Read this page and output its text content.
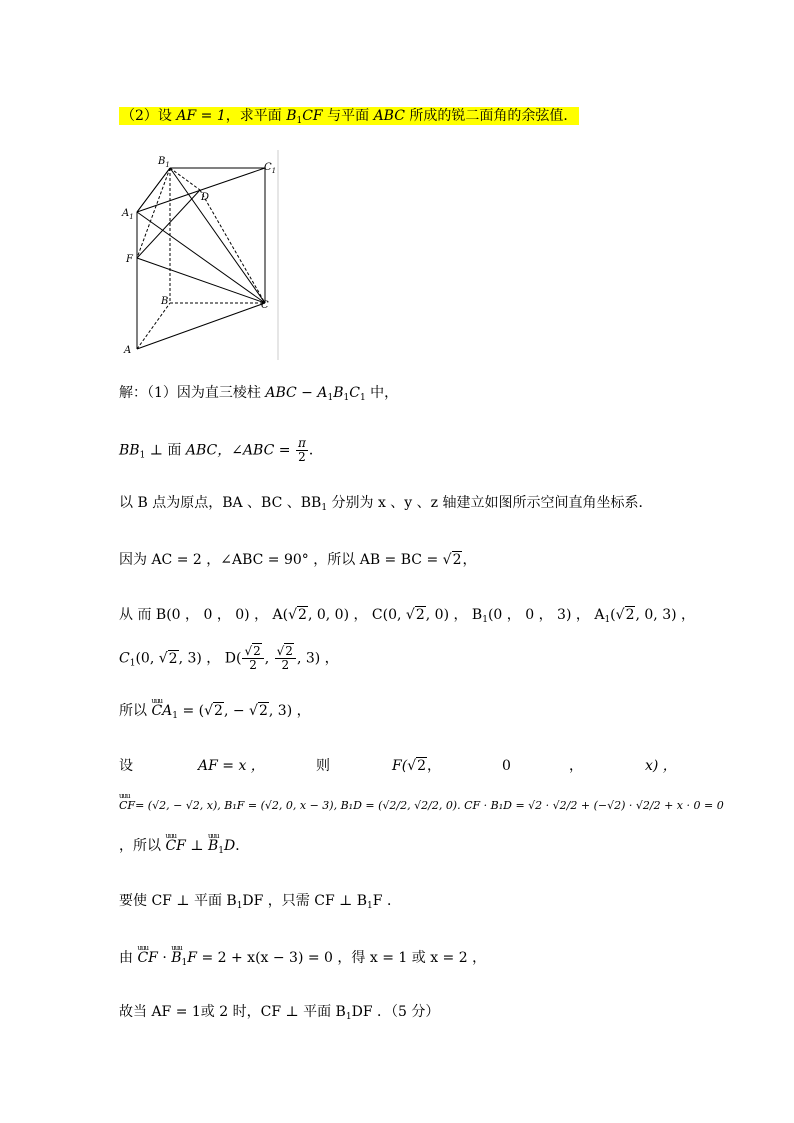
（2）设 AF = 1，求平面 $B_1CF$ 与平面 ABC 所成的锐二面角的余弦值．
$B_1$	$C_1$
D
$A_1$
F
B	C
A
解：（1）因为直三棱柱 ABC − $A_1B_1C_1$ 中，
$BB_1$ ⊥ 面 ABC，∠ABC = $\frac{\pi}{2}$ ．
以 B 点为原点，BA 、BC 、$BB_1$ 分别为 x 、y 、z 轴建立如图所示空间直角坐标系．
因为 AC = 2 ，∠ABC = 90° ，所以 AB = BC = √2，
从 而 B(0 ， 0 ， 0) ， A(√2, 0, 0) ， C(0, √2, 0) ， $B_1(0$ ， 0 ， 3) ， $A_1(√2$, 0, 3) ，
$C_1(0$, √2, 3) ， $D( \frac{√2}{2}$ , $\frac{√2}{2}$ , 3) ，
所以 uuu $CA_1 = (√2$, − √2, 3) ，
设	AF = x ，	则	F(√2，	0	，	x) ，
uuu CF= (√2, − √2, x), B₁F = (√2, 0, x − 3), B₁D = (√2/2, √2/2, 0). CF · B₁D = √2 · √2/2 + (−√2) · √2/2 + x · 0 = 0
，所以 uuu CF ⊥ uuu $B_1D$．
要使 CF ⊥ 平面 $B_1DF$ ，只需 CF ⊥ $B_1F$ ．
由 uuu CF · uuu $B_1F = 2 + x(x - 3) = 0$ ，得 x = 1 或 x = 2 ，
故当 AF = 1或 2 时，CF ⊥ 平面 $B_1DF$ ．（5 分）
